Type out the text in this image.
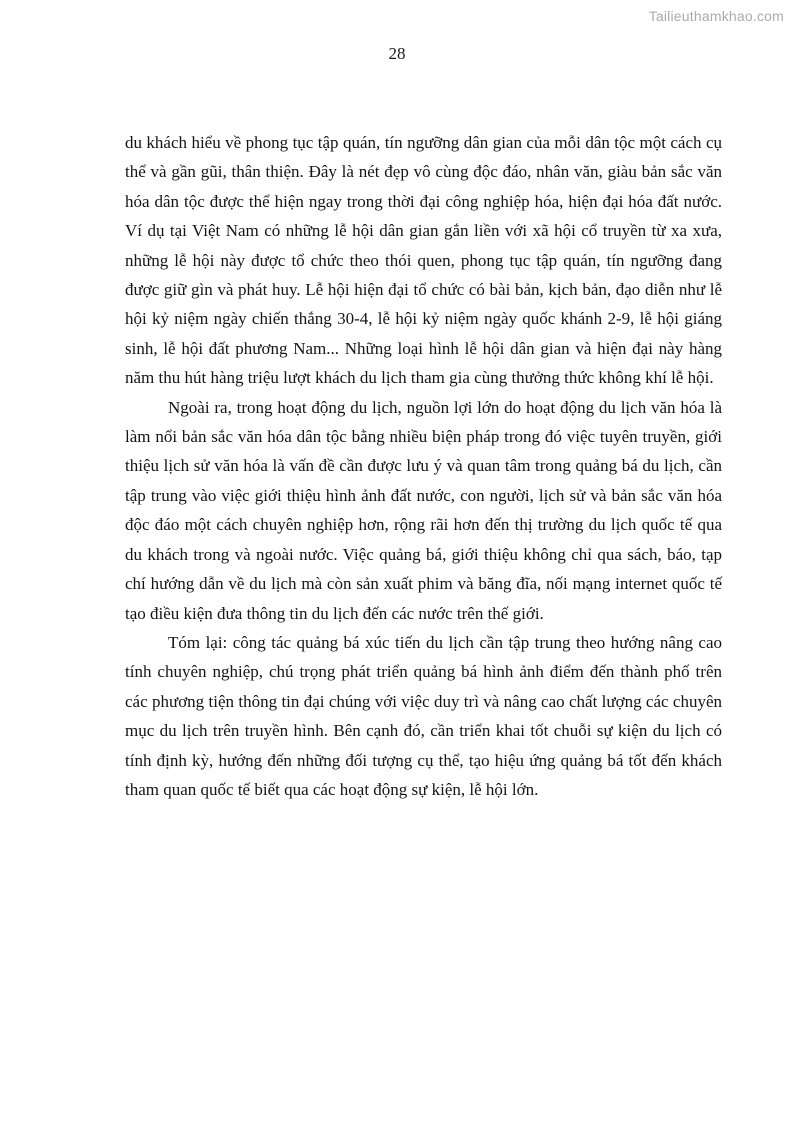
Tailieuthamkhao.com
28

du khách hiểu về phong tục tập quán, tín ngưỡng dân gian của mỗi dân tộc một cách cụ thể và gần gũi, thân thiện. Đây là nét đẹp vô cùng độc đáo, nhân văn, giàu bản sắc văn hóa dân tộc được thể hiện ngay trong thời đại công nghiệp hóa, hiện đại hóa đất nước. Ví dụ tại Việt Nam có những lễ hội dân gian gắn liền với xã hội cổ truyền từ xa xưa, những lễ hội này được tổ chức theo thói quen, phong tục tập quán, tín ngưỡng đang được giữ gìn và phát huy. Lễ hội hiện đại tổ chức có bài bản, kịch bản, đạo diễn như lễ hội kỷ niệm ngày chiến thắng 30-4, lễ hội kỷ niệm ngày quốc khánh 2-9, lễ hội giáng sinh, lễ hội đất phương Nam... Những loại hình lễ hội dân gian và hiện đại này hàng năm thu hút hàng triệu lượt khách du lịch tham gia cùng thưởng thức không khí lễ hội.

Ngoài ra, trong hoạt động du lịch, nguồn lợi lớn do hoạt động du lịch văn hóa là làm nổi bản sắc văn hóa dân tộc bằng nhiều biện pháp trong đó việc tuyên truyền, giới thiệu lịch sử văn hóa là vấn đề cần được lưu ý và quan tâm trong quảng bá du lịch, cần tập trung vào việc giới thiệu hình ảnh đất nước, con người, lịch sử và bản sắc văn hóa độc đáo một cách chuyên nghiệp hơn, rộng rãi hơn đến thị trường du lịch quốc tế qua du khách trong và ngoài nước. Việc quảng bá, giới thiệu không chỉ qua sách, báo, tạp chí hướng dẫn về du lịch mà còn sản xuất phim và băng đĩa, nối mạng internet quốc tế tạo điều kiện đưa thông tin du lịch đến các nước trên thế giới.

Tóm lại: công tác quảng bá xúc tiến du lịch cần tập trung theo hướng nâng cao tính chuyên nghiệp, chú trọng phát triển quảng bá hình ảnh điểm đến thành phố trên các phương tiện thông tin đại chúng với việc duy trì và nâng cao chất lượng các chuyên mục du lịch trên truyền hình. Bên cạnh đó, cần triển khai tốt chuỗi sự kiện du lịch có tính định kỳ, hướng đến những đối tượng cụ thể, tạo hiệu ứng quảng bá tốt đến khách tham quan quốc tế biết qua các hoạt động sự kiện, lễ hội lớn.
